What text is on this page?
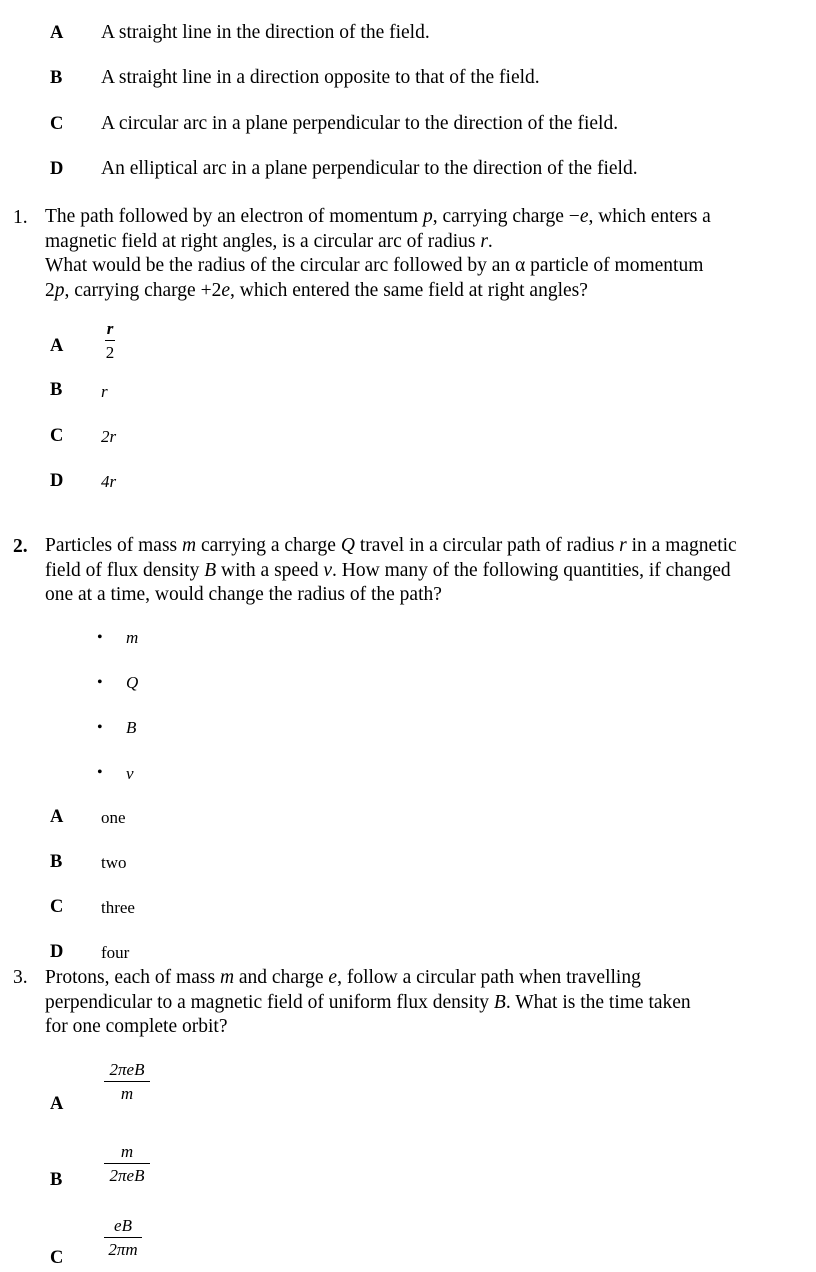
A A straight line in the direction of the field.
B A straight line in a direction opposite to that of the field.
C A circular arc in a plane perpendicular to the direction of the field.
D An elliptical arc in a plane perpendicular to the direction of the field.
1. The path followed by an electron of momentum p, carrying charge −e, which enters a
magnetic field at right angles, is a circular arc of radius r.
What would be the radius of the circular arc followed by an α particle of momentum
2p, carrying charge +2e, which entered the same field at right angles?
A
r
2
B r
C 2r
D 4r
2. Particles of mass m carrying a charge Q travel in a circular path of radius r in a magnetic
field of flux density B with a speed v. How many of the following quantities, if changed
one at a time, would change the radius of the path?
• m
• Q
• B
• v
A one
B two
C three
D four
3. Protons, each of mass m and charge e, follow a circular path when travelling
perpendicular to a magnetic field of uniform flux density B. What is the time taken
for one complete orbit?
A
2πeB
m
B
m
2πeB
C
eB
2πm
